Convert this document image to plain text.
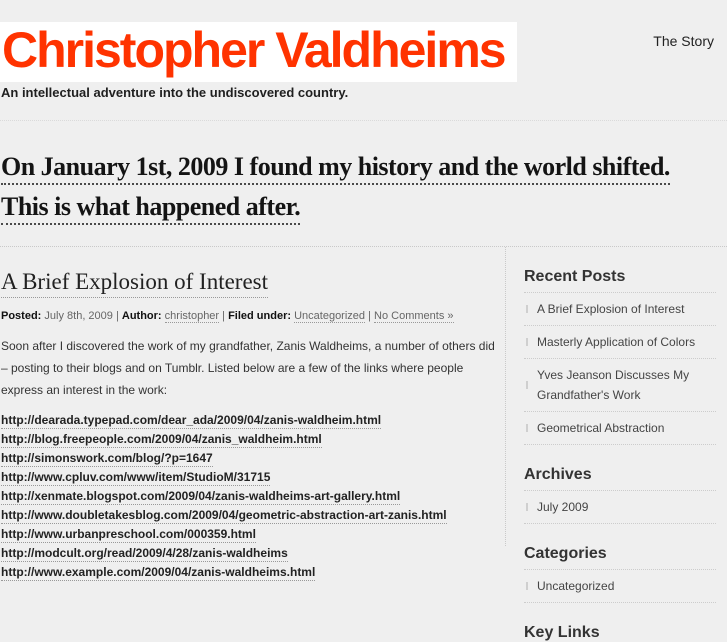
Christopher Valdheims
An intellectual adventure into the undiscovered country.
The Story
On January 1st, 2009 I found my history and the world shifted.
This is what happened after.
A Brief Explosion of Interest
Posted: July 8th, 2009 | Author: christopher | Filed under: Uncategorized | No Comments »

Soon after I discovered the work of my grandfather, Zanis Waldheims, a number of others did – posting to their blogs and on Tumblr. Listed below are a few of the links where people express an interest in the work:

http://dearada.typepad.com/dear_ada/2009/04/zanis-waldheim.html
http://blog.freepeople.com/2009/04/zanis_waldheim.html
http://simonswork.com/blog/?p=1647
http://www.cpluv.com/www/item/StudioM/31715
http://xenmate.blogspot.com/2009/04/zanis-waldheims-art-gallery.html
http://www.doubletakesblog.com/2009/04/geometric-abstraction-art-zanis.html
http://www.urbanpreschool.com/000359.html
http://modcult.org/read/2009/4/28/zanis-waldheims
http://www.example.com/2009/04/zanis-waldheims.html
Recent Posts
A Brief Explosion of Interest
Masterly Application of Colors
Yves Jeanson Discusses My Grandfather's Work
Geometrical Abstraction
Archives
July 2009
Categories
Uncategorized
Key Links
